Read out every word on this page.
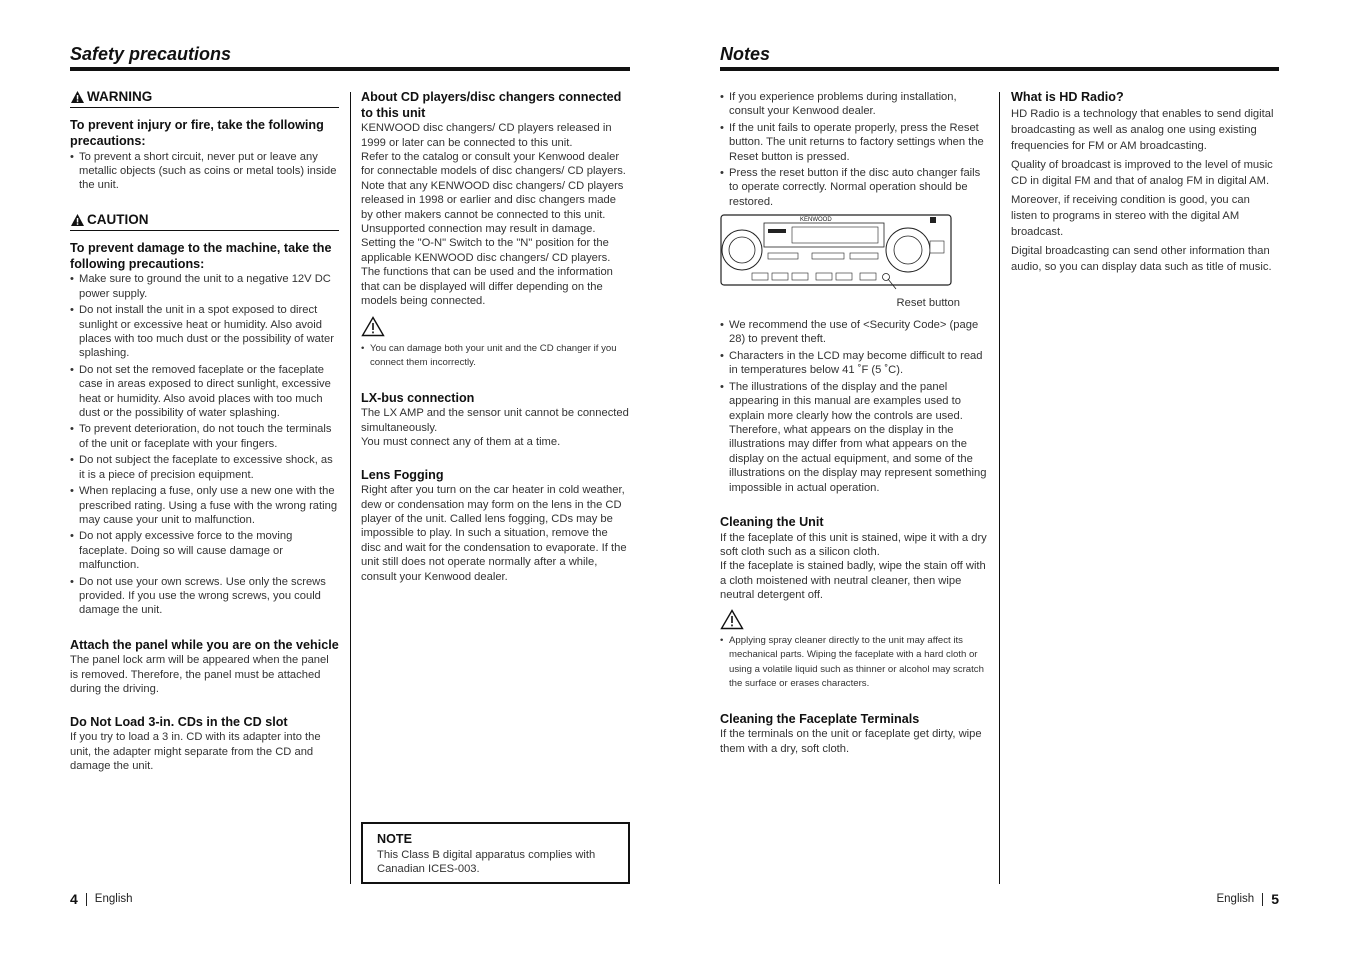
Safety precautions
WARNING
To prevent injury or fire, take the following precautions:
• To prevent a short circuit, never put or leave any metallic objects (such as coins or metal tools) inside the unit.
CAUTION
To prevent damage to the machine, take the following precautions:
• Make sure to ground the unit to a negative 12V DC power supply.
• Do not install the unit in a spot exposed to direct sunlight or excessive heat or humidity. Also avoid places with too much dust or the possibility of water splashing.
• Do not set the removed faceplate or the faceplate case in areas exposed to direct sunlight, excessive heat or humidity. Also avoid places with too much dust or the possibility of water splashing.
• To prevent deterioration, do not touch the terminals of the unit or faceplate with your fingers.
• Do not subject the faceplate to excessive shock, as it is a piece of precision equipment.
• When replacing a fuse, only use a new one with the prescribed rating. Using a fuse with the wrong rating may cause your unit to malfunction.
• Do not apply excessive force to the moving faceplate. Doing so will cause damage or malfunction.
• Do not use your own screws. Use only the screws provided. If you use the wrong screws, you could damage the unit.
Attach the panel while you are on the vehicle
The panel lock arm will be appeared when the panel is removed. Therefore, the panel must be attached during the driving.
Do Not Load 3-in. CDs in the CD slot
If you try to load a 3 in. CD with its adapter into the unit, the adapter might separate from the CD and damage the unit.
About CD players/disc changers connected to this unit
KENWOOD disc changers/ CD players released in 1999 or later can be connected to this unit.
Refer to the catalog or consult your Kenwood dealer for connectable models of disc changers/ CD players.
Note that any KENWOOD disc changers/ CD players released in 1998 or earlier and disc changers made by other makers cannot be connected to this unit.
Unsupported connection may result in damage.
Setting the "O-N" Switch to the "N" position for the applicable KENWOOD disc changers/ CD players.
The functions that can be used and the information that can be displayed will differ depending on the models being connected.
• You can damage both your unit and the CD changer if you connect them incorrectly.
LX-bus connection
The LX AMP and the sensor unit cannot be connected simultaneously.
You must connect any of them at a time.
Lens Fogging
Right after you turn on the car heater in cold weather, dew or condensation may form on the lens in the CD player of the unit. Called lens fogging, CDs may be impossible to play. In such a situation, remove the disc and wait for the condensation to evaporate. If the unit still does not operate normally after a while, consult your Kenwood dealer.
NOTE
This Class B digital apparatus complies with Canadian ICES-003.
4 English
Notes
• If you experience problems during installation, consult your Kenwood dealer.
• If the unit fails to operate properly, press the Reset button. The unit returns to factory settings when the Reset button is pressed.
• Press the reset button if the disc auto changer fails to operate correctly. Normal operation should be restored.
KENWOOD
Reset button
• We recommend the use of <Security Code> (page 28) to prevent theft.
• Characters in the LCD may become difficult to read in temperatures below 41 ˚F (5 ˚C).
• The illustrations of the display and the panel appearing in this manual are examples used to explain more clearly how the controls are used. Therefore, what appears on the display in the illustrations may differ from what appears on the display on the actual equipment, and some of the illustrations on the display may represent something impossible in actual operation.
Cleaning the Unit
If the faceplate of this unit is stained, wipe it with a dry soft cloth such as a silicon cloth.
If the faceplate is stained badly, wipe the stain off with a cloth moistened with neutral cleaner, then wipe neutral detergent off.
• Applying spray cleaner directly to the unit may affect its mechanical parts. Wiping the faceplate with a hard cloth or using a volatile liquid such as thinner or alcohol may scratch the surface or erases characters.
Cleaning the Faceplate Terminals
If the terminals on the unit or faceplate get dirty, wipe them with a dry, soft cloth.
What is HD Radio?
HD Radio is a technology that enables to send digital broadcasting as well as analog one using existing frequencies for FM or AM broadcasting.
Quality of broadcast is improved to the level of music CD in digital FM and that of analog FM in digital AM.
Moreover, if receiving condition is good, you can listen to programs in stereo with the digital AM broadcast.
Digital broadcasting can send other information than audio, so you can display data such as title of music.
English 5
